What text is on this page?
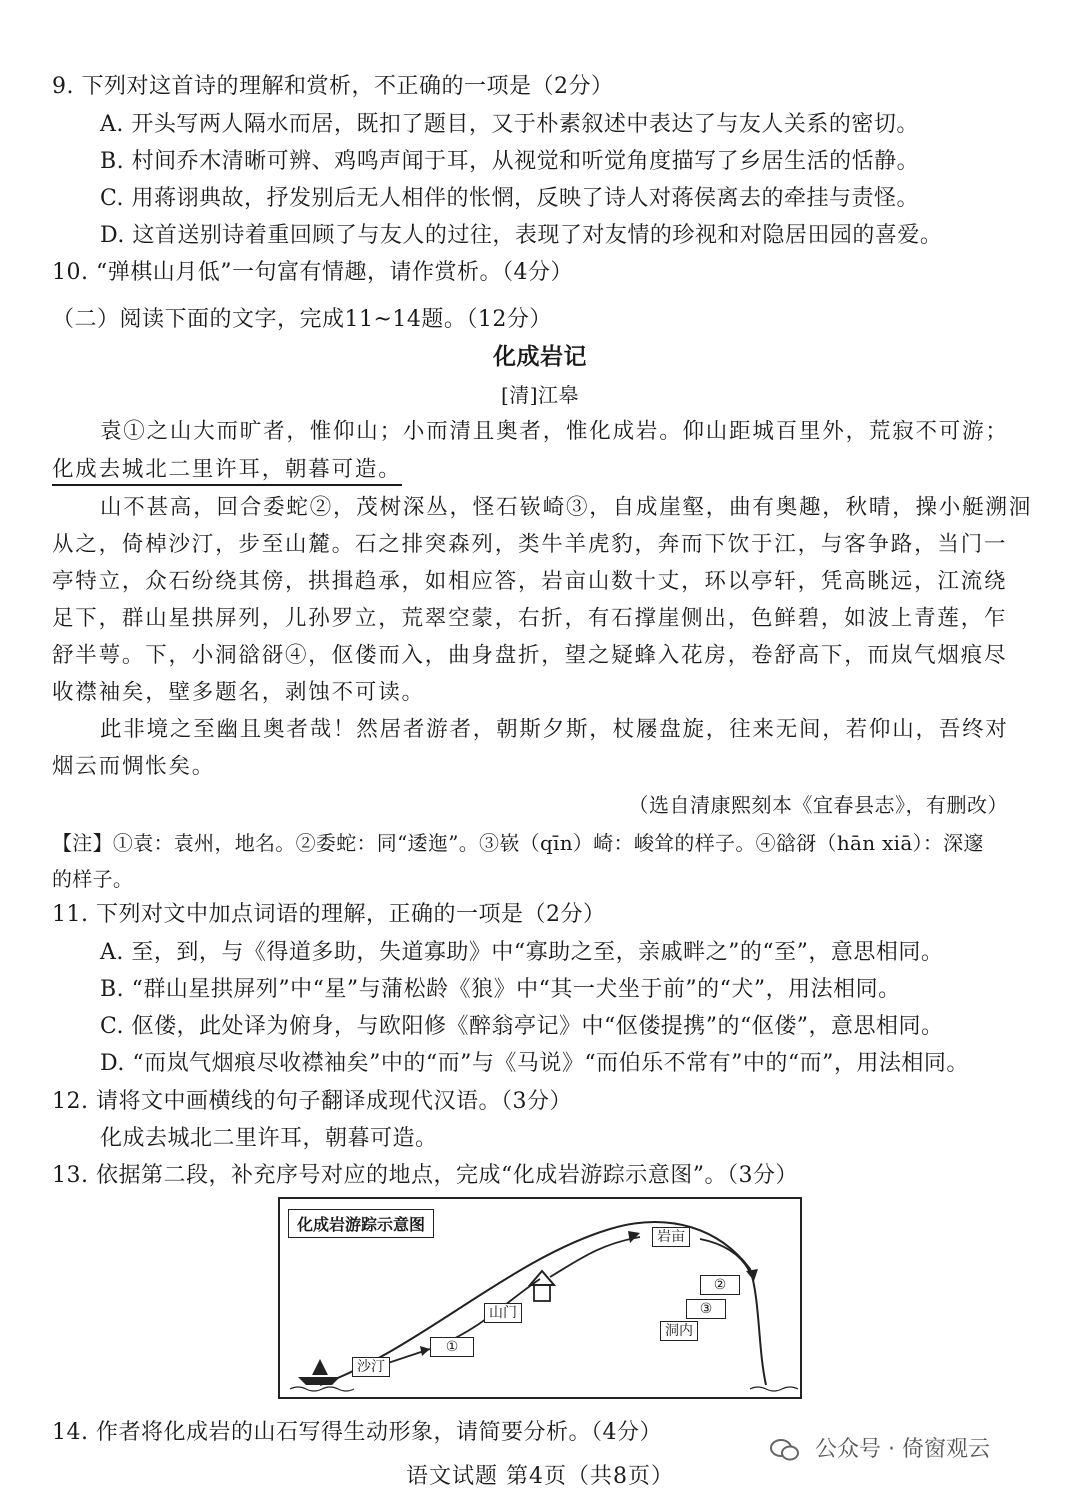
9. 下列对这首诗的理解和赏析，不正确的一项是（2分）
A. 开头写两人隔水而居，既扣了题目，又于朴素叙述中表达了与友人关系的密切。
B. 村间乔木清晰可辨、鸡鸣声闻于耳，从视觉和听觉角度描写了乡居生活的恬静。
C. 用蒋诩典故，抒发别后无人相伴的怅惘，反映了诗人对蒋侯离去的牵挂与责怪。
D. 这首送别诗着重回顾了与友人的过往，表现了对友情的珍视和对隐居田园的喜爱。
10. “弹棋山月低”一句富有情趣，请作赏析。（4分）
（二）阅读下面的文字，完成11~14题。（12分）
化成岩记
[清]江皋
袁①之山大而旷者，惟仰山；小而清且奥者，惟化成岩。仰山距城百里外，荒寂不可游；
化成去城北二里许耳，朝暮可造。
山不甚高，回合委蛇②，茂树深丛，怪石嵚崎③，自成崖壑，曲有奥趣，秋晴，操小艇溯洄
从之，倚棹沙汀，步至山麓。石之排突森列，类牛羊虎豹，奔而下饮于江，与客争路，当门一
亭特立，众石纷绕其傍，拱揖趋承，如相应答，岩亩山数十丈，环以亭轩，凭高眺远，江流绕
足下，群山星拱屏列，儿孙罗立，荒翠空蒙，右折，有石撑崖侧出，色鲜碧，如波上青莲，乍
舒半萼。下，小洞谽谺④，伛偻而入，曲身盘折，望之疑蜂入花房，卷舒高下，而岚气烟痕尽
收襟袖矣，壁多题名，剥蚀不可读。
此非境之至幽且奥者哉！然居者游者，朝斯夕斯，杖屦盘旋，往来无间，若仰山，吾终对
烟云而惆怅矣。
（选自清康熙刻本《宜春县志》，有删改）
【注】①袁：袁州，地名。②委蛇：同“逶迤”。③嵚（qīn）崎：峻耸的样子。④谽谺（hān xiā）：深邃
的样子。
11. 下列对文中加点词语的理解，正确的一项是（2分）
A. 至，到，与《得道多助，失道寡助》中“寡助之至，亲戚畔之”的“至”，意思相同。
B. “群山星拱屏列”中“星”与蒲松龄《狼》中“其一犬坐于前”的“犬”，用法相同。
C. 伛偻，此处译为俯身，与欧阳修《醉翁亭记》中“伛偻提携”的“伛偻”，意思相同。
D. “而岚气烟痕尽收襟袖矣”中的“而”与《马说》“而伯乐不常有”中的“而”，用法相同。
12. 请将文中画横线的句子翻译成现代汉语。（3分）
化成去城北二里许耳，朝暮可造。
13. 依据第二段，补充序号对应的地点，完成“化成岩游踪示意图”。（3分）
化成岩游踪示意图
沙汀
①
山门
岩亩
②
③
洞内
14. 作者将化成岩的山石写得生动形象，请简要分析。（4分）
公众号 · 倚窗观云
语文试题 第4页（共8页）
